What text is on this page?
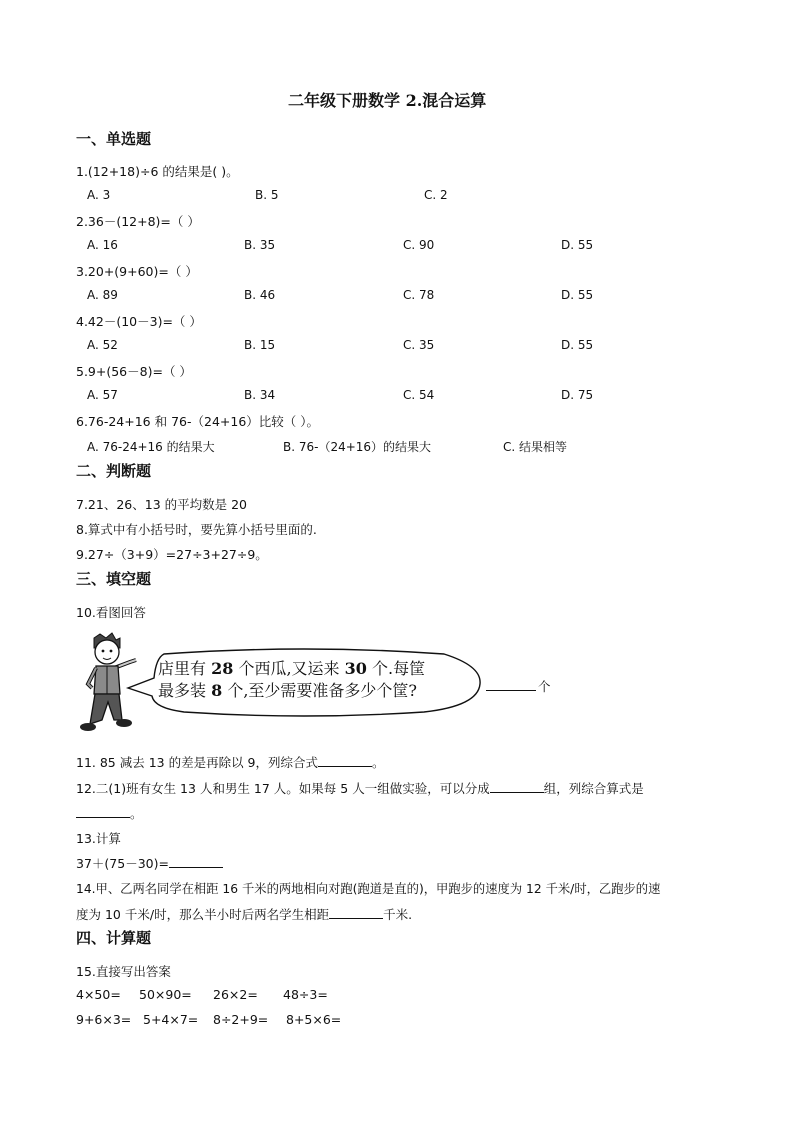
二年级下册数学 2.混合运算
一、单选题
1.(12+18)÷6 的结果是( )。
A. 3	B. 5	C. 2
2.36－(12+8)=（ ）
A. 16	B. 35	C. 90	D. 55
3.20+(9+60)=（ ）
A. 89	B. 46	C. 78	D. 55
4.42－(10－3)=（ ）
A. 52	B. 15	C. 35	D. 55
5.9+(56－8)=（ ）
A. 57	B. 34	C. 54	D. 75
6.76-24+16 和 76-（24+16）比较（ ）。
A. 76-24+16 的结果大	B. 76-（24+16）的结果大	C. 结果相等
二、判断题
7.21、26、13 的平均数是 20
8.算式中有小括号时，要先算小括号里面的.
9.27÷（3+9）=27÷3+27÷9。
三、填空题
10.看图回答
店里有 28 个西瓜,又运来 30 个.每筐
最多装 8 个,至少需要准备多少个筐?	个
11. 85 减去 13 的差是再除以 9，列综合式	。
12.二(1)班有女生 13 人和男生 17 人。如果每 5 人一组做实验，可以分成	组，列综合算式是
。
13.计算
37＋(75－30)=
14.甲、乙两名同学在相距 16 千米的两地相向对跑(跑道是直的)，甲跑步的速度为 12 千米/时，乙跑步的速
度为 10 千米/时，那么半小时后两名学生相距	千米.
四、计算题
15.直接写出答案
4×50= 50×90= 26×2= 48÷3=
9+6×3= 5+4×7= 8÷2+9= 8+5×6=
